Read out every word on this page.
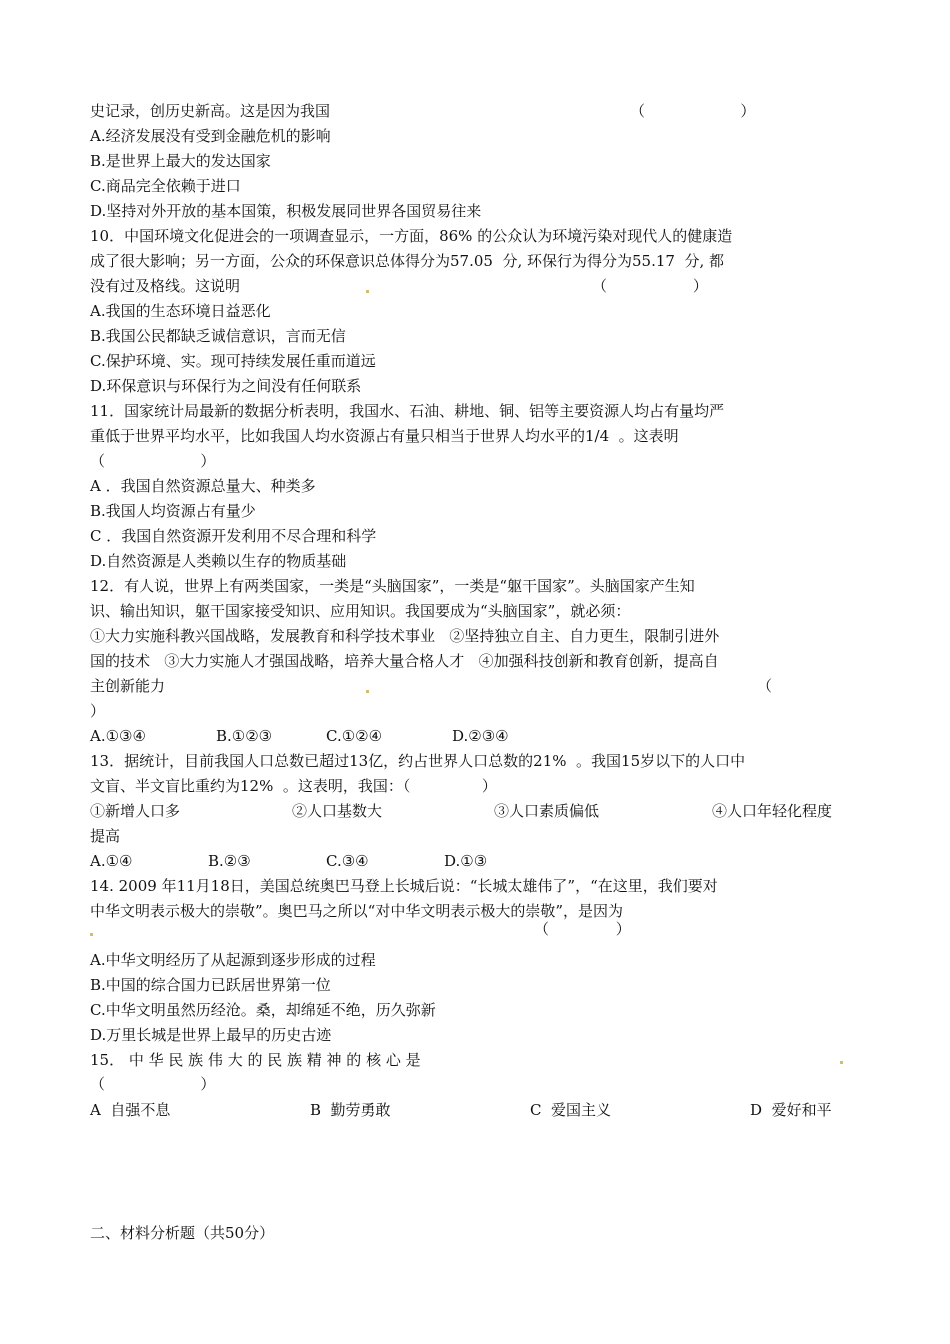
史记录，创历史新高。这是因为我国	（                    ）
A.经济发展没有受到金融危机的影响
B.是世界上最大的发达国家
C.商品完全依赖于进口
D.坚持对外开放的基本国策，积极发展同世界各国贸易往来
10．中国环境文化促进会的一项调查显示，一方面，86% 的公众认为环境污染对现代人的健康造
成了很大影响；另一方面，公众的环保意识总体得分为57.05  分, 环保行为得分为55.17  分, 都
没有过及格线。这说明	（                  ）
A.我国的生态环境日益恶化
B.我国公民都缺乏诚信意识，言而无信
C.保护环境、实。现可持续发展任重而道远
D.环保意识与环保行为之间没有任何联系
11．国家统计局最新的数据分析表明，我国水、石油、耕地、铜、铝等主要资源人均占有量均严
重低于世界平均水平，比如我国人均水资源占有量只相当于世界人均水平的1/4  。这表明
（                    ）
A ．我国自然资源总量大、种类多
B.我国人均资源占有量少
C ．我国自然资源开发利用不尽合理和科学
D.自然资源是人类赖以生存的物质基础
12．有人说，世界上有两类国家，一类是“头脑国家”，一类是“躯干国家”。头脑国家产生知
识、输出知识，躯干国家接受知识、应用知识。我国要成为“头脑国家”，就必须：
①大力实施科教兴国战略，发展教育和科学技术事业   ②坚持独立自主、自力更生，限制引进外
国的技术   ③大力实施人才强国战略，培养大量合格人才   ④加强科技创新和教育创新，提高自
主创新能力	（
）
A.①③④	B.①②③	C.①②④	D.②③④
13．据统计，目前我国人口总数已超过13亿，约占世界人口总数的21%  。我国15岁以下的人口中
文盲、半文盲比重约为12%  。这表明，我国：（               ）
①新增人口多	②人口基数大	③人口素质偏低	④人口年轻化程度
提高
A.①④	B.②③	C.③④	D.①③
14. 2009 年11月18日，美国总统奥巴马登上长城后说：“长城太雄伟了”，“在这里，我们要对
中华文明表示极大的崇敬”。奥巴马之所以“对中华文明表示极大的崇敬”，是因为
（              ）
A.中华文明经历了从起源到逐步形成的过程
B.中国的综合国力已跃居世界第一位
C.中华文明虽然历经沧。桑，却绵延不绝，历久弥新
D.万里长城是世界上最早的历史古迹
15． 中 华 民 族 伟 大 的 民 族 精 神 的 核 心 是
（                    ）
A  自强不息	B  勤劳勇敢	C  爱国主义	D  爱好和平
二、材料分析题（共50分）
